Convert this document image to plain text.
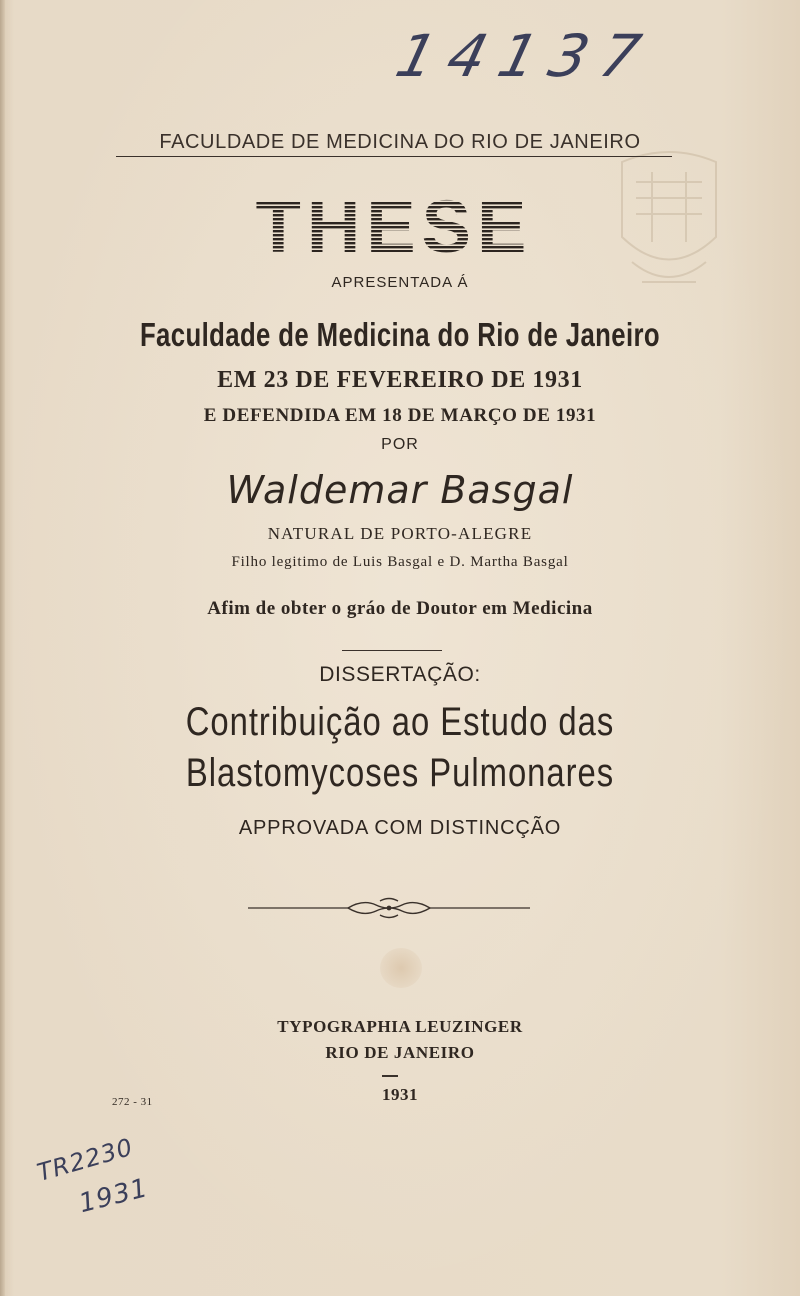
14137
FACULDADE DE MEDICINA DO RIO DE JANEIRO
THESE
APRESENTADA Á
Faculdade de Medicina do Rio de Janeiro
EM 23 DE FEVEREIRO DE 1931
E DEFENDIDA EM 18 DE MARÇO DE 1931
POR
Waldemar Basgal
NATURAL DE PORTO-ALEGRE
Filho legitimo de Luis Basgal e D. Martha Basgal
Afim de obter o gráo de Doutor em Medicina
DISSERTAÇÃO:
Contribuição ao Estudo das
Blastomycoses Pulmonares
APPROVADA COM DISTINCÇÃO
TYPOGRAPHIA LEUZINGER
RIO DE JANEIRO
1931
272 - 31
TR2230
1931
